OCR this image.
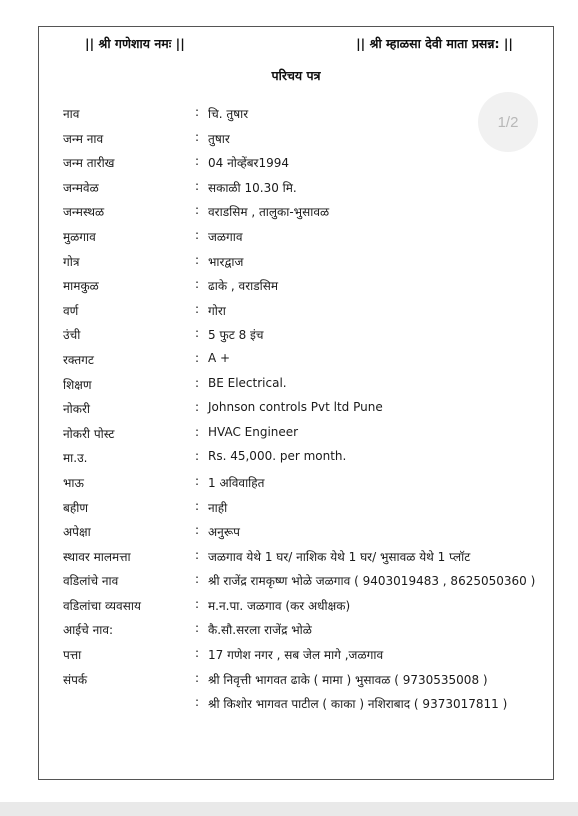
|| श्री गणेशाय नमः ||	|| श्री म्हाळसा देवी माता प्रसन्न: ||
परिचय पत्र
नाव	: चि. तुषार
जन्म नाव	: तुषार
जन्म तारीख	: 04 नोव्हेंबर1994
जन्मवेळ	: सकाळी 10.30 मि.
जन्मस्थळ	: वराडसिम , तालुका-भुसावळ
मुळगाव	: जळगाव
गोत्र	: भारद्वाज
मामकुळ	: ढाके , वराडसिम
वर्ण	: गोरा
उंची	: 5 फुट 8 इंच
रक्तगट	: A +
शिक्षण	: BE Electrical.
नोकरी	: Johnson controls Pvt ltd Pune
नोकरी पोस्ट	: HVAC Engineer
मा.उ.	: Rs. 45,000. per month.
भाऊ	: 1 अविवाहित
बहीण	: नाही
अपेक्षा	: अनुरूप
स्थावर मालमत्ता	: जळगाव येथे 1 घर/ नाशिक येथे 1 घर/ भुसावळ येथे 1 प्लॉट
वडिलांचे नाव	: श्री राजेंद्र रामकृष्ण भोळे जळगाव ( 9403019483 , 8625050360 )
वडिलांचा व्यवसाय	: म.न.पा. जळगाव (कर अधीक्षक)
आईचे नाव:	: कै.सौ.सरला राजेंद्र भोळे
पत्ता	: 17 गणेश नगर , सब जेल मागे ,जळगाव
संपर्क	: श्री निवृत्ती भागवत ढाके ( मामा ) भुसावळ ( 9730535008 )
: श्री किशोर भागवत पाटील ( काका ) नशिराबाद ( 9373017811 )
1/2
